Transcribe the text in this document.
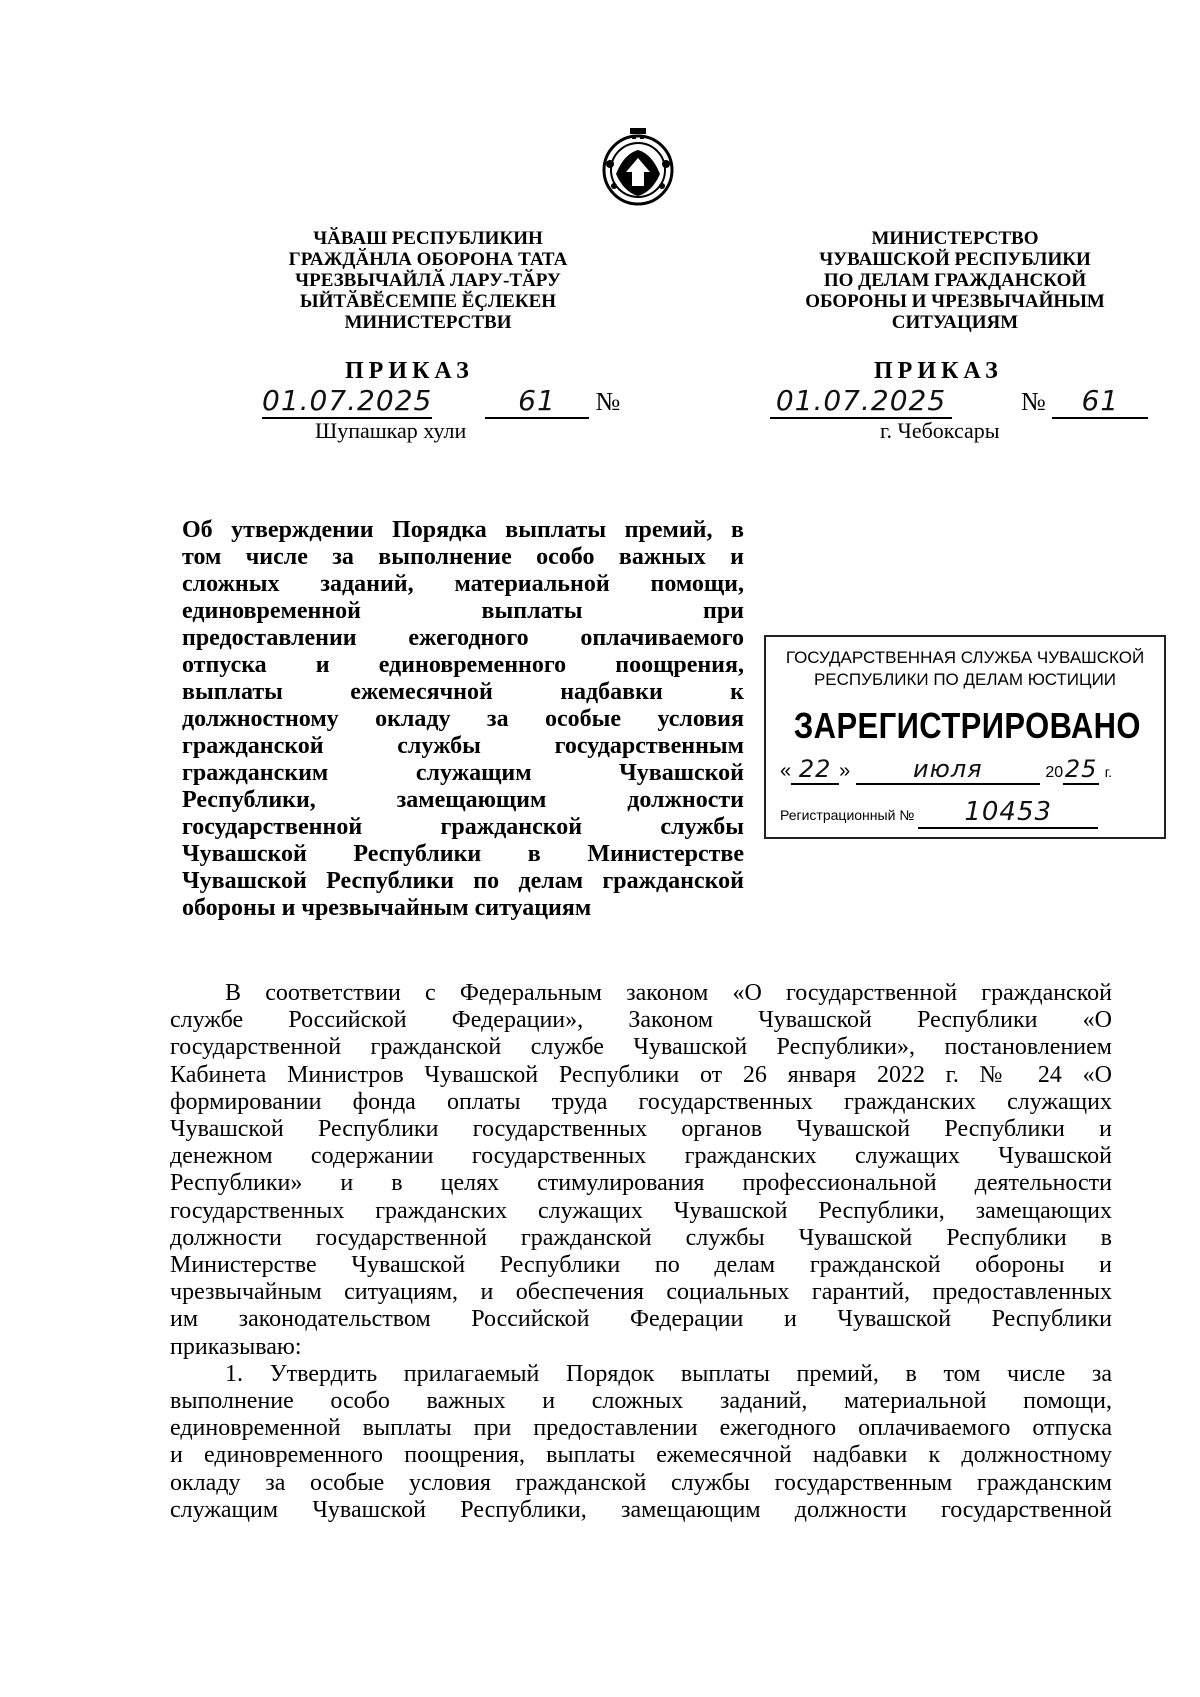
ЧӐВАШ РЕСПУБЛИКИН
ГРАЖДӐНЛА ОБОРОНА ТАТА
ЧРЕЗВЫЧАЙЛӐ ЛАРУ-ТӐРУ
ЫЙТӐВӖСЕМПЕ ӖҪЛЕКЕН
МИНИСТЕРСТВИ
МИНИСТЕРСТВО
ЧУВАШСКОЙ РЕСПУБЛИКИ
ПО ДЕЛАМ ГРАЖДАНСКОЙ
ОБОРОНЫ И ЧРЕЗВЫЧАЙНЫМ
СИТУАЦИЯМ
ПРИКАЗ	ПРИКАЗ
01.07.2025	61 №	01.07.2025	№ 61
Шупашкар хули	г. Чебоксары
Об утверждении Порядка выплаты премий, в
том числе за выполнение особо важных и
сложных заданий, материальной помощи,
единовременной выплаты при
предоставлении ежегодного оплачиваемого
отпуска и единовременного поощрения,
выплаты ежемесячной надбавки к
должностному окладу за особые условия
гражданской службы государственным
гражданским служащим Чувашской
Республики, замещающим должности
государственной гражданской службы
Чувашской Республики в Министерстве
Чувашской Республики по делам гражданской
обороны и чрезвычайным ситуациям
ГОСУДАРСТВЕННАЯ СЛУЖБА ЧУВАШСКОЙ
РЕСПУБЛИКИ ПО ДЕЛАМ ЮСТИЦИИ
ЗАРЕГИСТРИРОВАНО
« 22 »	июля	2025 г.
Регистрационный № 10453

В соответствии с Федеральным законом «О государственной гражданской
службе Российской Федерации», Законом Чувашской Республики «О
государственной гражданской службе Чувашской Республики», постановлением
Кабинета Министров Чувашской Республики от 26 января 2022 г. № 24 «О
формировании фонда оплаты труда государственных гражданских служащих
Чувашской Республики государственных органов Чувашской Республики и
денежном содержании государственных гражданских служащих Чувашской
Республики» и в целях стимулирования профессиональной деятельности
государственных гражданских служащих Чувашской Республики, замещающих
должности государственной гражданской службы Чувашской Республики в
Министерстве Чувашской Республики по делам гражданской обороны и
чрезвычайным ситуациям, и обеспечения социальных гарантий, предоставленных
им законодательством Российской Федерации и Чувашской Республики
приказываю:

1. Утвердить прилагаемый Порядок выплаты премий, в том числе за
выполнение особо важных и сложных заданий, материальной помощи,
единовременной выплаты при предоставлении ежегодного оплачиваемого отпуска
и единовременного поощрения, выплаты ежемесячной надбавки к должностному
окладу за особые условия гражданской службы государственным гражданским
служащим Чувашской Республики, замещающим должности государственной
